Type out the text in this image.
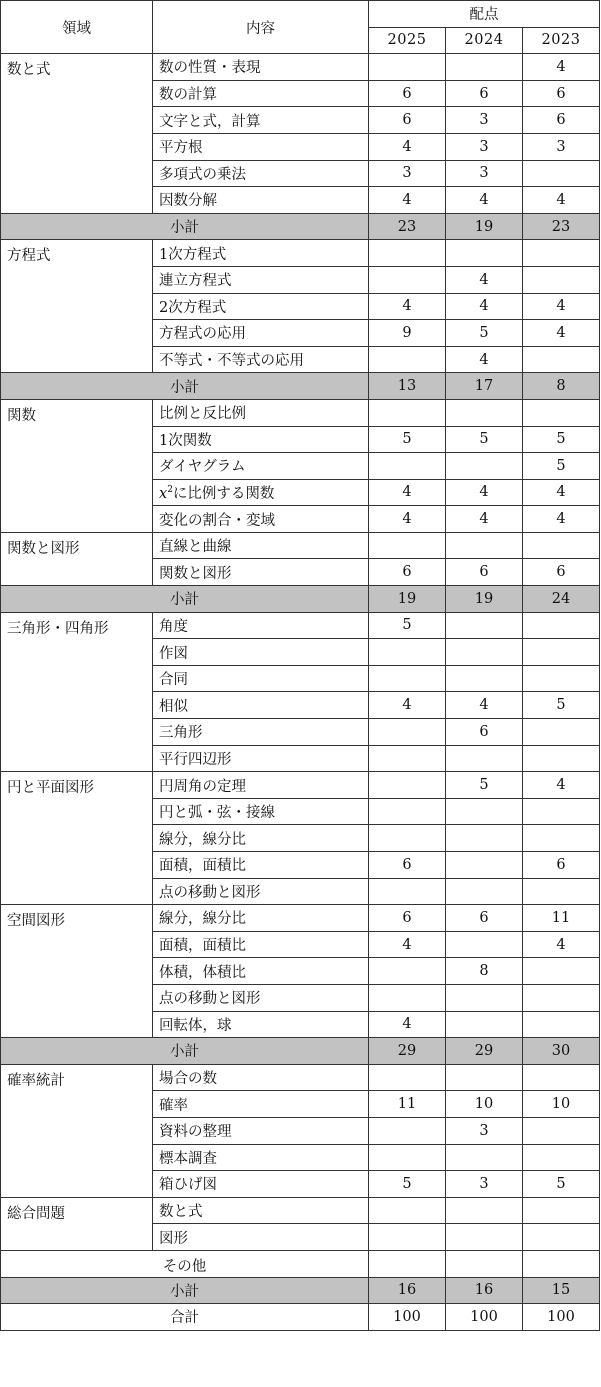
領域	内容	配点		
		2025	2024	2023
数と式	数の性質・表現			4
	数の計算	6	6	6
	文字と式，計算	6	3	6
	平方根	4	3	3
	多項式の乗法	3	3	
	因数分解	4	4	4
小計		23	19	23
方程式	1次方程式			
	連立方程式		4	
	2次方程式	4	4	4
	方程式の応用	9	5	4
	不等式・不等式の応用		4	
小計		13	17	8
関数	比例と反比例			
	1次関数	5	5	5
	ダイヤグラム			5
	$x^2$に比例する関数	4	4	4
	変化の割合・変域	4	4	4
関数と図形	直線と曲線			
	関数と図形	6	6	6
小計		19	19	24
三角形・四角形	角度	5		
	作図			
	合同			
	相似	4	4	5
	三角形		6	
	平行四辺形			
円と平面図形	円周角の定理		5	4
	円と弧・弦・接線			
	線分，線分比			
	面積，面積比	6		6
	点の移動と図形			
空間図形	線分，線分比	6	6	11
	面積，面積比	4		4
	体積，体積比		8	
	点の移動と図形			
	回転体，球	4		
小計		29	29	30
確率統計	場合の数			
	確率	11	10	10
	資料の整理		3	
	標本調査			
	箱ひげ図	5	3	5
総合問題	数と式			
	図形			
その他				
小計		16	16	15
合計		100	100	100
